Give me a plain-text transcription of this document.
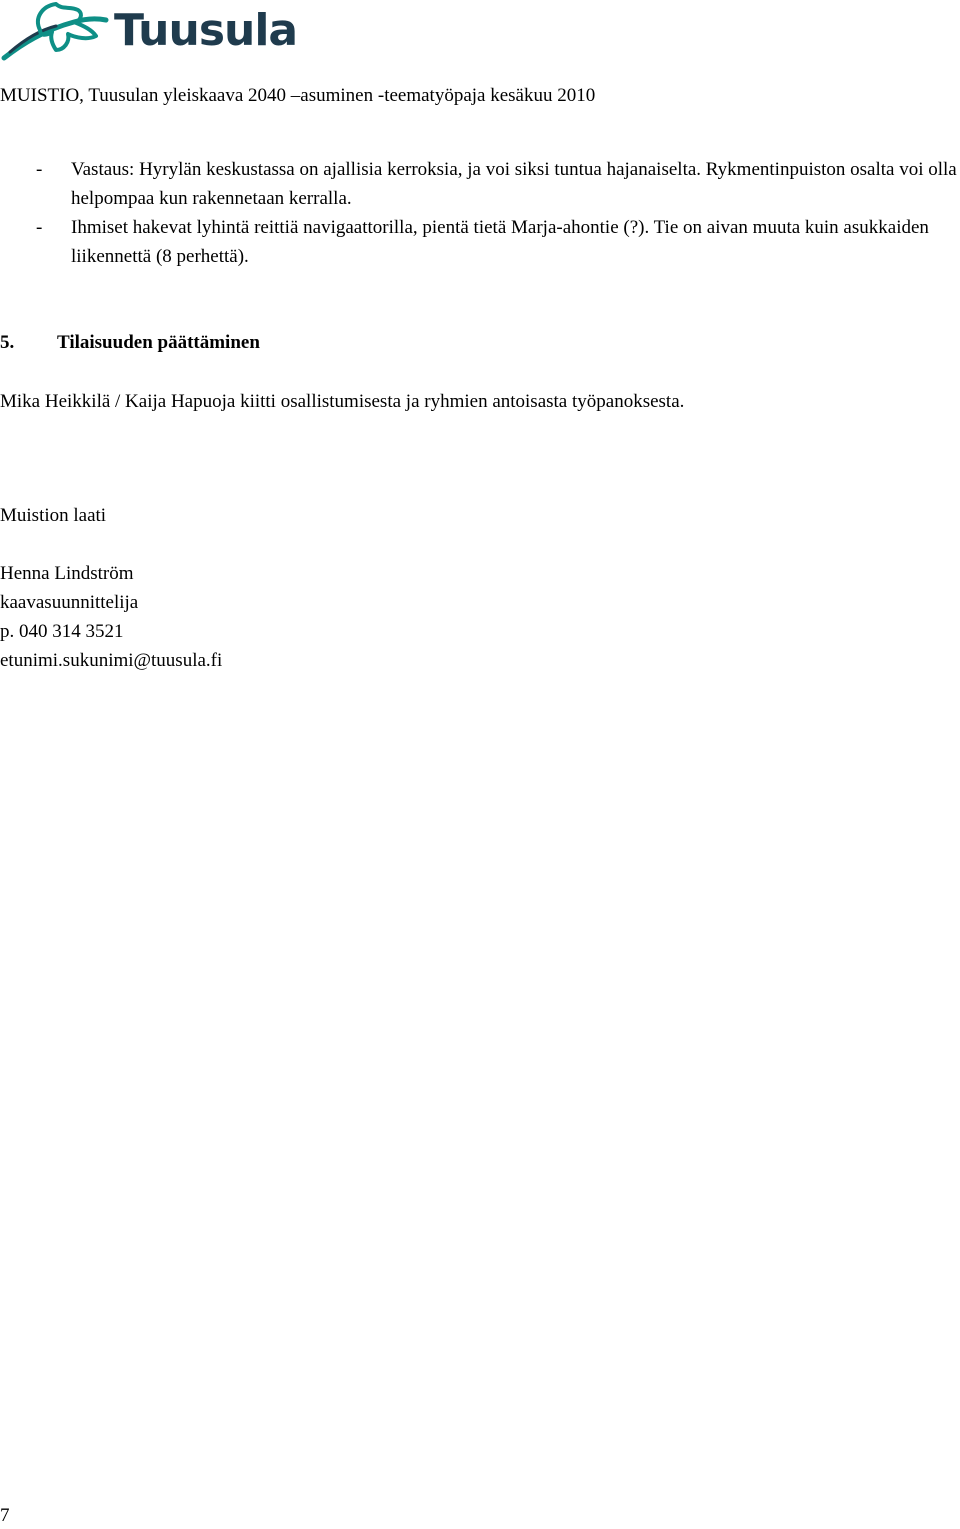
Tuusula
MUISTIO, Tuusulan yleiskaava 2040 –asuminen -teematyöpaja kesäkuu 2010
- Vastaus: Hyrylän keskustassa on ajallisia kerroksia, ja voi siksi tuntua hajanaiselta. Rykmentinpuiston osalta voi olla helpompaa kun rakennetaan kerralla.
- Ihmiset hakevat lyhintä reittiä navigaattorilla, pientä tietä Marja-ahontie (?). Tie on aivan muuta kuin asukkaiden liikennettä (8 perhettä).
5. Tilaisuuden päättäminen
Mika Heikkilä / Kaija Hapuoja kiitti osallistumisesta ja ryhmien antoisasta työpanoksesta.
Muistion laati
Henna Lindström
kaavasuunnittelija
p. 040 314 3521
etunimi.sukunimi@tuusula.fi
7
